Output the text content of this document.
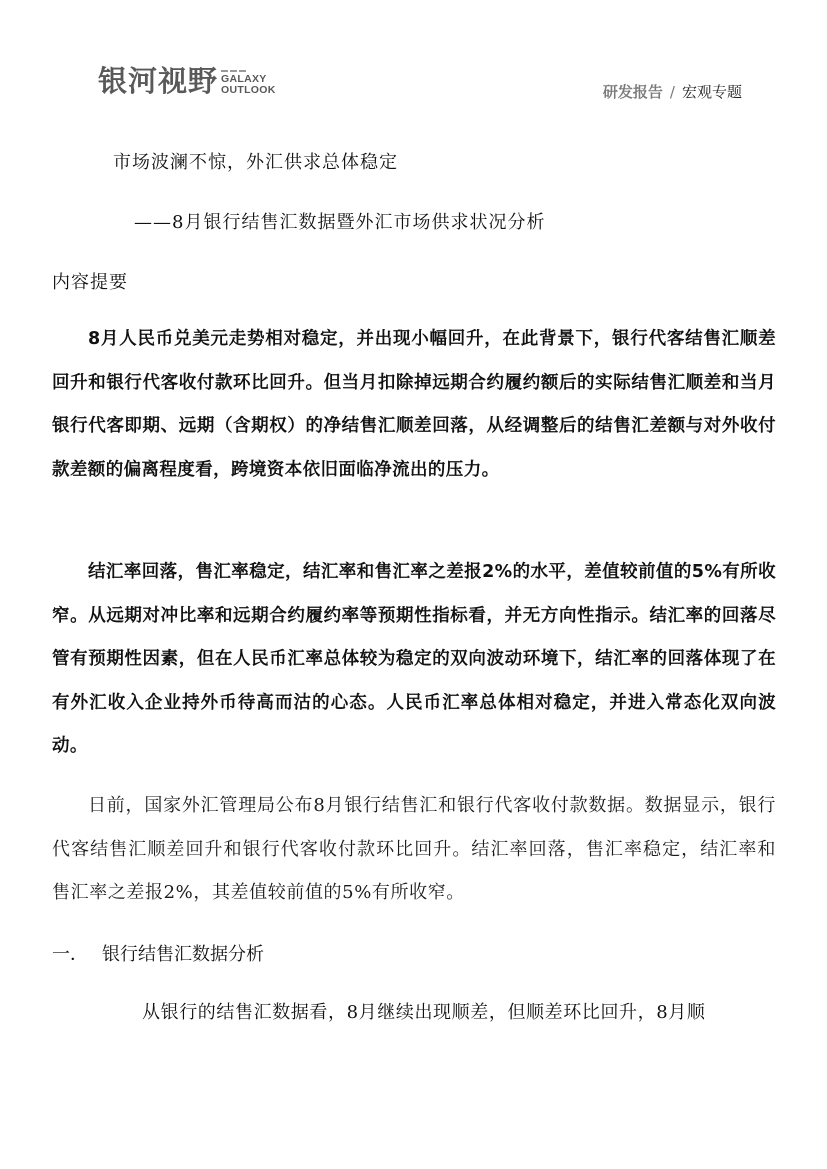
银河视野 GALAXY
OUTLOOK	研发报告 / 宏观专题
市场波澜不惊，外汇供求总体稳定
——8月银行结售汇数据暨外汇市场供求状况分析
内容提要

8月人民币兑美元走势相对稳定，并出现小幅回升，在此背景下，银行代客结售汇顺差回升和银行代客收付款环比回升。但当月扣除掉远期合约履约额后的实际结售汇顺差和当月银行代客即期、远期（含期权）的净结售汇顺差回落，从经调整后的结售汇差额与对外收付款差额的偏离程度看，跨境资本依旧面临净流出的压力。

结汇率回落，售汇率稳定，结汇率和售汇率之差报2%的水平，差值较前值的5%有所收窄。从远期对冲比率和远期合约履约率等预期性指标看，并无方向性指示。结汇率的回落尽管有预期性因素，但在人民币汇率总体较为稳定的双向波动环境下，结汇率的回落体现了在有外汇收入企业持外币待高而沽的心态。人民币汇率总体相对稳定，并进入常态化双向波动。

日前，国家外汇管理局公布8月银行结售汇和银行代客收付款数据。数据显示，银行代客结售汇顺差回升和银行代客收付款环比回升。结汇率回落，售汇率稳定，结汇率和售汇率之差报2%，其差值较前值的5%有所收窄。

一． 银行结售汇数据分析
从银行的结售汇数据看，8月继续出现顺差，但顺差环比回升，8月顺
